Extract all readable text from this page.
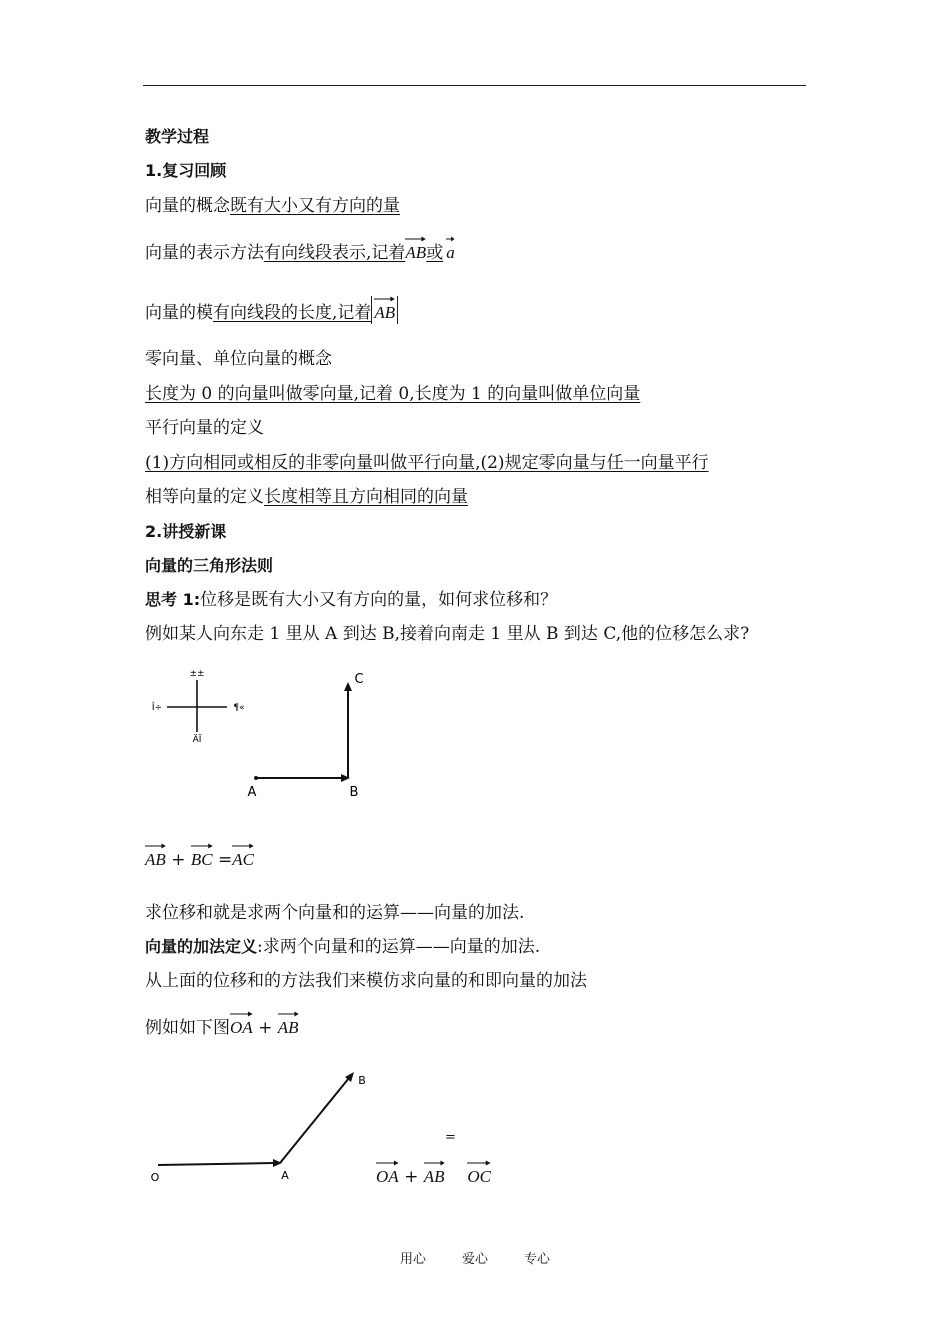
教学过程
1.复习回顾
向量的概念既有大小又有方向的量
向量的表示方法有向线段表示,记着
AB或 a
向量的模有向线段的长度,记着 AB
零向量、单位向量的概念
长度为 0 的向量叫做零向量,记着 0,长度为 1 的向量叫做单位向量
平行向量的定义
(1)方向相同或相反的非零向量叫做平行向量,(2)规定零向量与任一向量平行
相等向量的定义长度相等且方向相同的向量
2.讲授新课
向量的三角形法则
思考 1:位移是既有大小又有方向的量，如何求位移和？
例如某人向东走 1 里从 A 到达 B,接着向南走 1 里从 B 到达 C,他的位移怎么求?
±±
Î÷	¶«
ÄÏ
A	B
C
AB + BC =
AC
求位移和就是求两个向量和的运算——向量的加法.
向量的加法定义:求两个向量和的运算——向量的加法.
从上面的位移和的方法我们来模仿求向量的和即向量的加法
例如如下图
OA + AB
O	A
B
=
OA + AB OC
用心	爱心	专心
